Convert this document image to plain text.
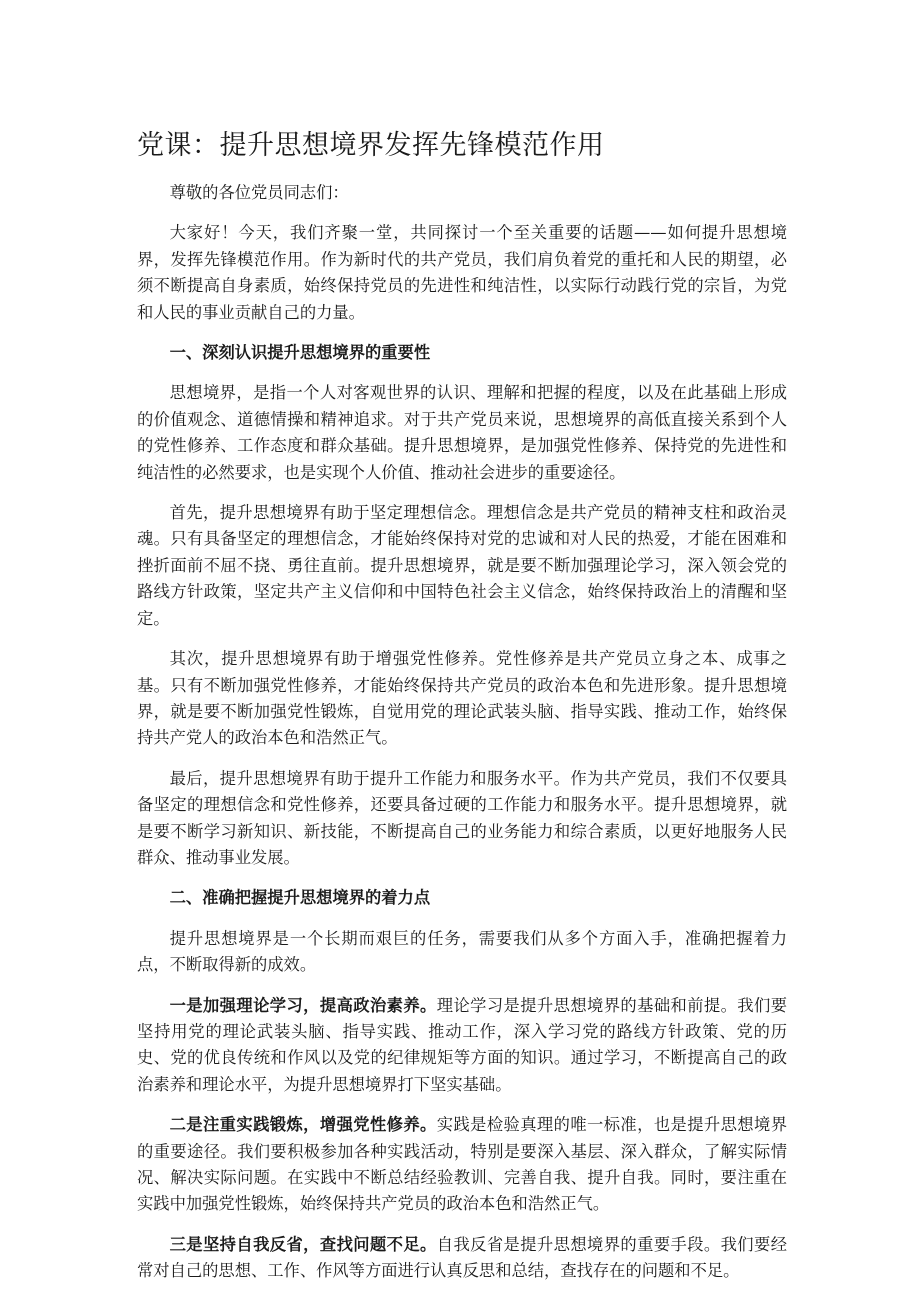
党课：提升思想境界发挥先锋模范作用

尊敬的各位党员同志们：

大家好！今天，我们齐聚一堂，共同探讨一个至关重要的话题——如何提升思想境界，发挥先锋模范作用。作为新时代的共产党员，我们肩负着党的重托和人民的期望，必须不断提高自身素质，始终保持党员的先进性和纯洁性，以实际行动践行党的宗旨，为党和人民的事业贡献自己的力量。

一、深刻认识提升思想境界的重要性

思想境界，是指一个人对客观世界的认识、理解和把握的程度，以及在此基础上形成的价值观念、道德情操和精神追求。对于共产党员来说，思想境界的高低直接关系到个人的党性修养、工作态度和群众基础。提升思想境界，是加强党性修养、保持党的先进性和纯洁性的必然要求，也是实现个人价值、推动社会进步的重要途径。

首先，提升思想境界有助于坚定理想信念。理想信念是共产党员的精神支柱和政治灵魂。只有具备坚定的理想信念，才能始终保持对党的忠诚和对人民的热爱，才能在困难和挫折面前不屈不挠、勇往直前。提升思想境界，就是要不断加强理论学习，深入领会党的路线方针政策，坚定共产主义信仰和中国特色社会主义信念，始终保持政治上的清醒和坚定。

其次，提升思想境界有助于增强党性修养。党性修养是共产党员立身之本、成事之基。只有不断加强党性修养，才能始终保持共产党员的政治本色和先进形象。提升思想境界，就是要不断加强党性锻炼，自觉用党的理论武装头脑、指导实践、推动工作，始终保持共产党人的政治本色和浩然正气。

最后，提升思想境界有助于提升工作能力和服务水平。作为共产党员，我们不仅要具备坚定的理想信念和党性修养，还要具备过硬的工作能力和服务水平。提升思想境界，就是要不断学习新知识、新技能，不断提高自己的业务能力和综合素质，以更好地服务人民群众、推动事业发展。

二、准确把握提升思想境界的着力点

提升思想境界是一个长期而艰巨的任务，需要我们从多个方面入手，准确把握着力点，不断取得新的成效。

一是加强理论学习，提高政治素养。理论学习是提升思想境界的基础和前提。我们要坚持用党的理论武装头脑、指导实践、推动工作，深入学习党的路线方针政策、党的历史、党的优良传统和作风以及党的纪律规矩等方面的知识。通过学习，不断提高自己的政治素养和理论水平，为提升思想境界打下坚实基础。

二是注重实践锻炼，增强党性修养。实践是检验真理的唯一标准，也是提升思想境界的重要途径。我们要积极参加各种实践活动，特别是要深入基层、深入群众，了解实际情况、解决实际问题。在实践中不断总结经验教训、完善自我、提升自我。同时，要注重在实践中加强党性锻炼，始终保持共产党员的政治本色和浩然正气。

三是坚持自我反省，查找问题不足。自我反省是提升思想境界的重要手段。我们要经常对自己的思想、工作、作风等方面进行认真反思和总结，查找存在的问题和不足。
